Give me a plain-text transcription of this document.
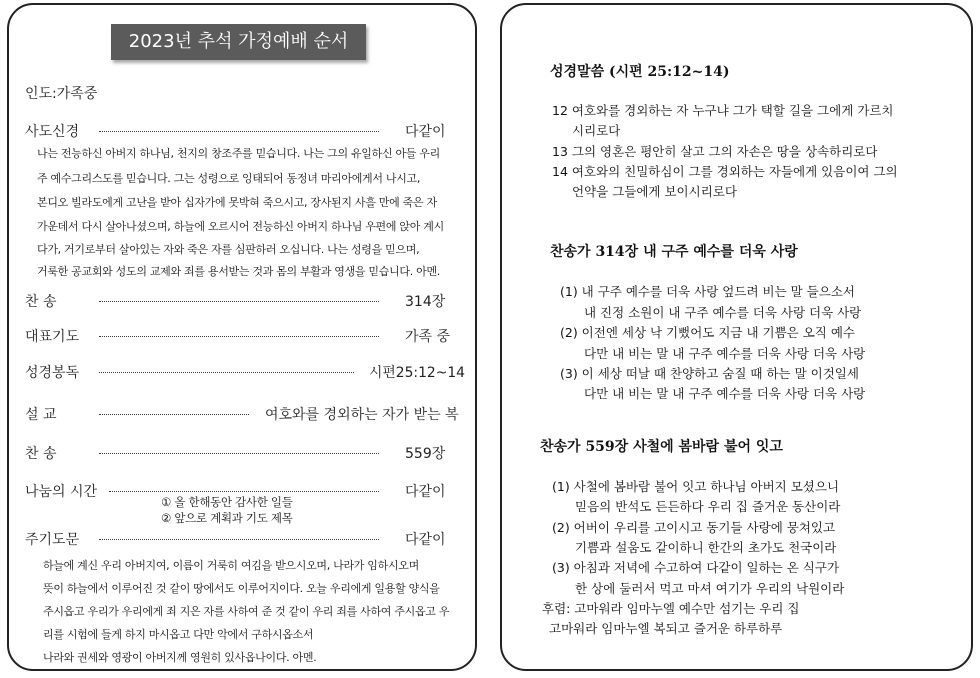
2023년 추석 가정예배 순서
인도:가족중
사도신경	다같이
나는 전능하신 아버지 하나님, 천지의 창조주를 믿습니다. 나는 그의 유일하신 아들 우리
주 예수그리스도를 믿습니다. 그는 성령으로 잉태되어 동정녀 마리아에게서 나시고,
본디오 빌라도에게 고난을 받아 십자가에 못박혀 죽으시고, 장사된지 사흘 만에 죽은 자
가운데서 다시 살아나셨으며, 하늘에 오르시어 전능하신 아버지 하나님 우편에 앉아 계시
다가, 거기로부터 살아있는 자와 죽은 자를 심판하러 오십니다. 나는 성령을 믿으며,
거룩한 공교회와 성도의 교제와 죄를 용서받는 것과 몸의 부활과 영생을 믿습니다. 아멘.
찬 송	314장
대표기도	가족 중
성경봉독	시편25:12~14
설 교	여호와를 경외하는 자가 받는 복
찬 송	559장
나눔의 시간	다같이
① 올 한해동안 감사한 일들
② 앞으로 계획과 기도 제목
주기도문	다같이
하늘에 계신 우리 아버지여, 이름이 거룩히 여김을 받으시오며, 나라가 임하시오며
뜻이 하늘에서 이루어진 것 같이 땅에서도 이루어지이다. 오늘 우리에게 일용할 양식을
주시옵고 우리가 우리에게 죄 지은 자를 사하여 준 것 같이 우리 죄를 사하여 주시옵고 우
리를 시험에 들게 하지 마시옵고 다만 악에서 구하시옵소서
나라와 권세와 영광이 아버지께 영원히 있사옵나이다. 아멘.
성경말씀 (시편 25:12~14)
12 여호와를 경외하는 자 누구냐 그가 택할 길을 그에게 가르치
시리로다
13 그의 영혼은 평안히 살고 그의 자손은 땅을 상속하리로다
14 여호와의 친밀하심이 그를 경외하는 자들에게 있음이여 그의
언약을 그들에게 보이시리로다
찬송가 314장 내 구주 예수를 더욱 사랑
(1) 내 구주 예수를 더욱 사랑 엎드려 비는 말 들으소서
내 진정 소원이 내 구주 예수를 더욱 사랑 더욱 사랑
(2) 이전엔 세상 낙 기뻤어도 지금 내 기쁨은 오직 예수
다만 내 비는 말 내 구주 예수를 더욱 사랑 더욱 사랑
(3) 이 세상 떠날 때 찬양하고 숨질 때 하는 말 이것일세
다만 내 비는 말 내 구주 예수를 더욱 사랑 더욱 사랑
찬송가 559장 사철에 봄바람 불어 잇고
(1) 사철에 봄바람 불어 잇고 하나님 아버지 모셨으니
믿음의 반석도 든든하다 우리 집 즐거운 동산이라
(2) 어버이 우리를 고이시고 동기들 사랑에 뭉쳐있고
기쁨과 설움도 같이하니 한간의 초가도 천국이라
(3) 아침과 저녁에 수고하여 다같이 일하는 온 식구가
한 상에 둘러서 먹고 마셔 여기가 우리의 낙원이라
후렴: 고마워라 임마누엘 예수만 섬기는 우리 집
고마워라 임마누엘 복되고 즐거운 하루하루
